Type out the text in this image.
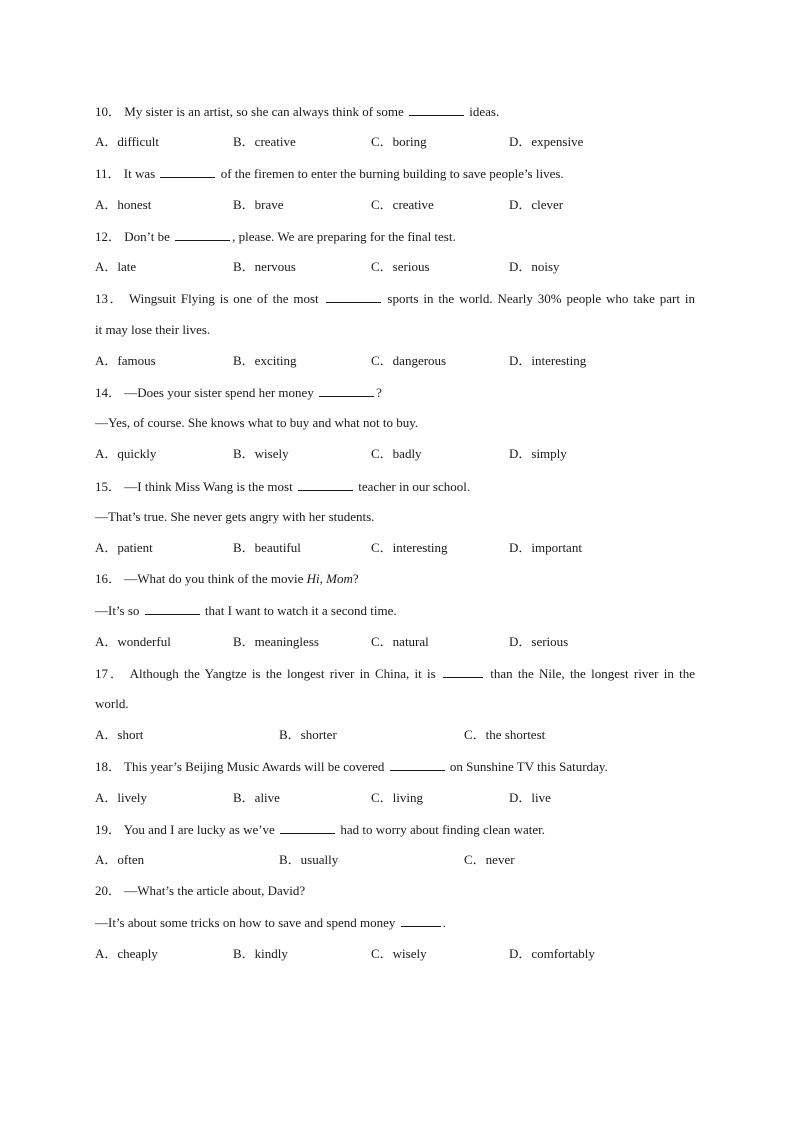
10． My sister is an artist, so she can always think of some	ideas.
A．difficult	B．creative	C．boring	D．expensive
11． It was	of the firemen to enter the burning building to save people’s lives.
A．honest	B．brave	C．creative	D．clever
12． Don’t be	, please. We are preparing for the final test.
A．late	B．nervous	C．serious	D．noisy
13． Wingsuit Flying is one of the most	sports in the world. Nearly 30% people who take part in
it may lose their lives.
A．famous	B．exciting	C．dangerous	D．interesting
14． —Does your sister spend her money	?
—Yes, of course. She knows what to buy and what not to buy.
A．quickly	B．wisely	C．badly	D．simply
15． —I think Miss Wang is the most	teacher in our school.
—That’s true. She never gets angry with her students.
A．patient	B．beautiful	C．interesting	D．important
16． —What do you think of the movie Hi, Mom?
—It’s so	that I want to watch it a second time.
A．wonderful	B．meaningless	C．natural	D．serious
17． Although the Yangtze is the longest river in China, it is	than the Nile, the longest river in the
world.
A．short	B．shorter	C．the shortest
18． This year’s Beijing Music Awards will be covered	on Sunshine TV this Saturday.
A．lively	B．alive	C．living	D．live
19． You and I are lucky as we’ve	had to worry about finding clean water.
A．often	B．usually	C．never
20． —What’s the article about, David?
—It’s about some tricks on how to save and spend money	.
A．cheaply	B．kindly	C．wisely	D．comfortably
